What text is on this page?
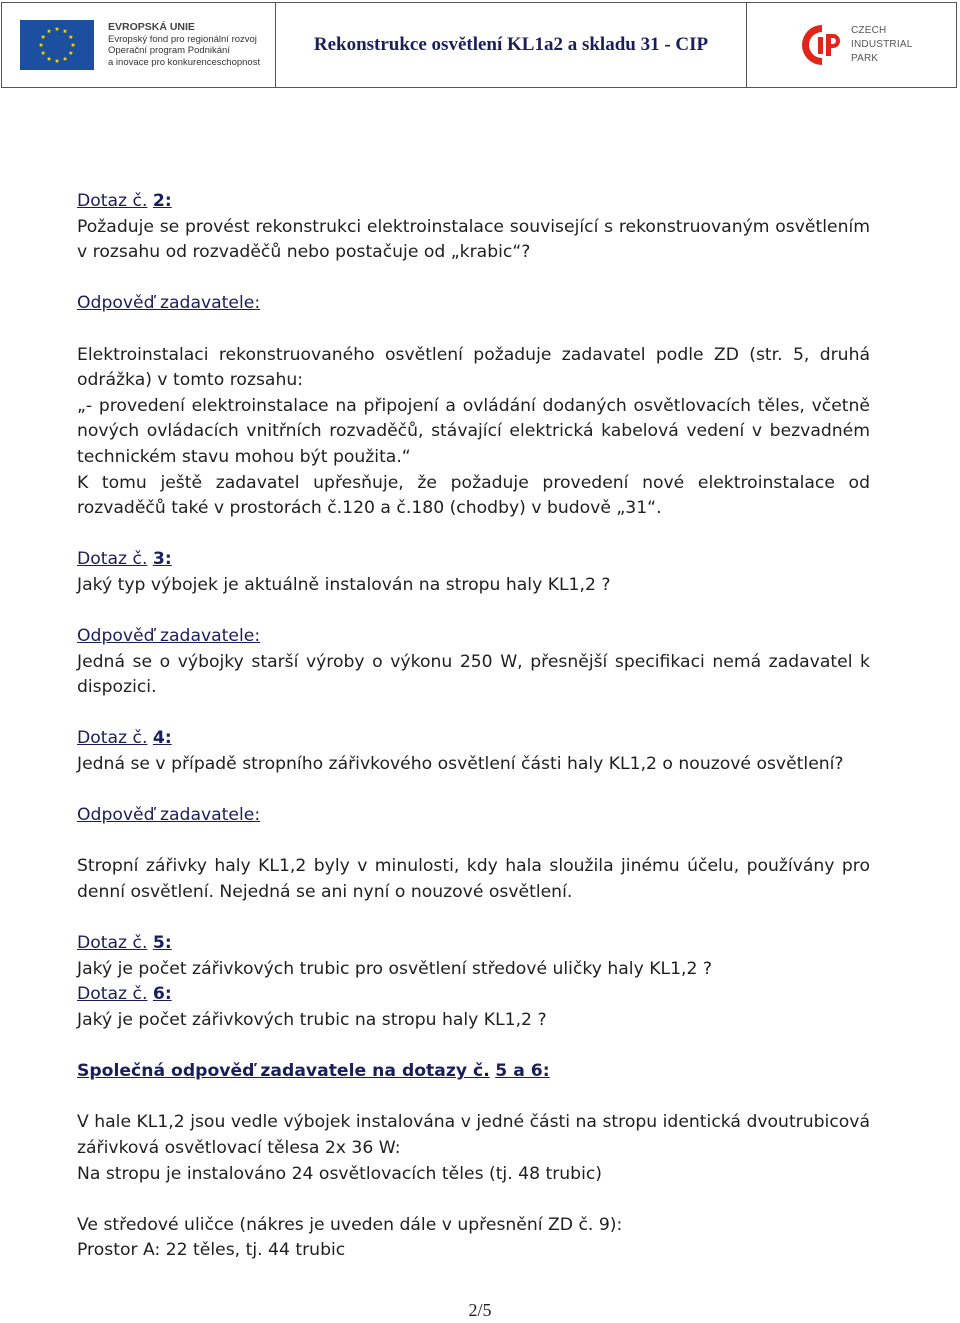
EVROPSKÁ UNIE
Evropský fond pro regionální rozvoj
Operační program Podnikání
a inovace pro konkurenceschopnost
Rekonstrukce osvětlení KL1a2 a skladu 31 - CIP
CZECH
INDUSTRIAL
PARK

Dotaz č. 2:

Požaduje se provést rekonstrukci elektroinstalace související s rekonstruovaným osvětlením v rozsahu od rozvaděčů nebo postačuje od „krabic“?

Odpověď zadavatele:

Elektroinstalaci rekonstruovaného osvětlení požaduje zadavatel podle ZD (str. 5, druhá odrážka) v tomto rozsahu:

„- provedení elektroinstalace na připojení a ovládání dodaných osvětlovacích těles, včetně nových ovládacích vnitřních rozvaděčů, stávající elektrická kabelová vedení v bezvadném technickém stavu mohou být použita.“

K tomu ještě zadavatel upřesňuje, že požaduje provedení nové elektroinstalace od rozvaděčů také v prostorách č.120 a č.180 (chodby) v budově „31“.

Dotaz č. 3:

Jaký typ výbojek je aktuálně instalován na stropu haly KL1,2 ?

Odpověď zadavatele:

Jedná se o výbojky starší výroby o výkonu 250 W, přesnější specifikaci nemá zadavatel k dispozici.

Dotaz č. 4:

Jedná se v případě stropního zářivkového osvětlení části haly KL1,2 o nouzové osvětlení?

Odpověď zadavatele:

Stropní zářivky haly KL1,2 byly v minulosti, kdy hala sloužila jinému účelu, používány pro denní osvětlení. Nejedná se ani nyní o nouzové osvětlení.

Dotaz č. 5:

Jaký je počet zářivkových trubic pro osvětlení středové uličky haly KL1,2 ?

Dotaz č. 6:

Jaký je počet zářivkových trubic na stropu haly KL1,2 ?

Společná odpověď zadavatele na dotazy č. 5 a 6:

V hale KL1,2 jsou vedle výbojek instalována v jedné části na stropu identická dvoutrubicová zářivková osvětlovací tělesa 2x 36 W:

Na stropu je instalováno 24 osvětlovacích těles (tj. 48 trubic)

Ve středové uličce (nákres je uveden dále v upřesnění ZD č. 9):

Prostor A: 22 těles, tj. 44 trubic

2/5
